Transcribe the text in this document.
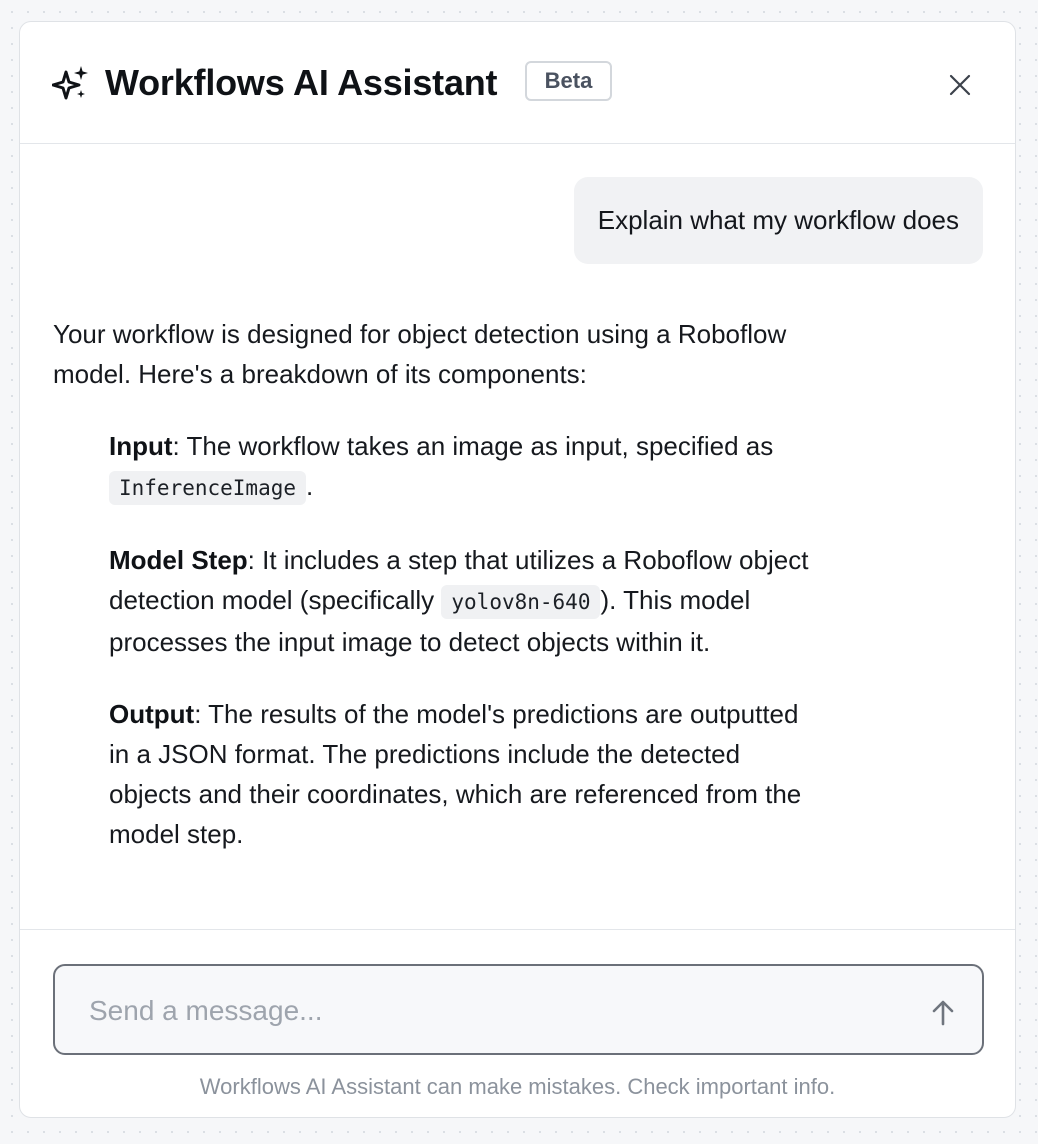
Workflows AI Assistant	Beta
Explain what my workflow does

Your workflow is designed for object detection using a Roboflow model. Here's a breakdown of its components:

Input: The workflow takes an image as input, specified as InferenceImage .
Model Step: It includes a step that utilizes a Roboflow object detection model (specifically yolov8n-640 ). This model processes the input image to detect objects within it.
Output: The results of the model's predictions are outputted in a JSON format. The predictions include the detected objects and their coordinates, which are referenced from the model step.
Send a message...
Workflows AI Assistant can make mistakes. Check important info.
